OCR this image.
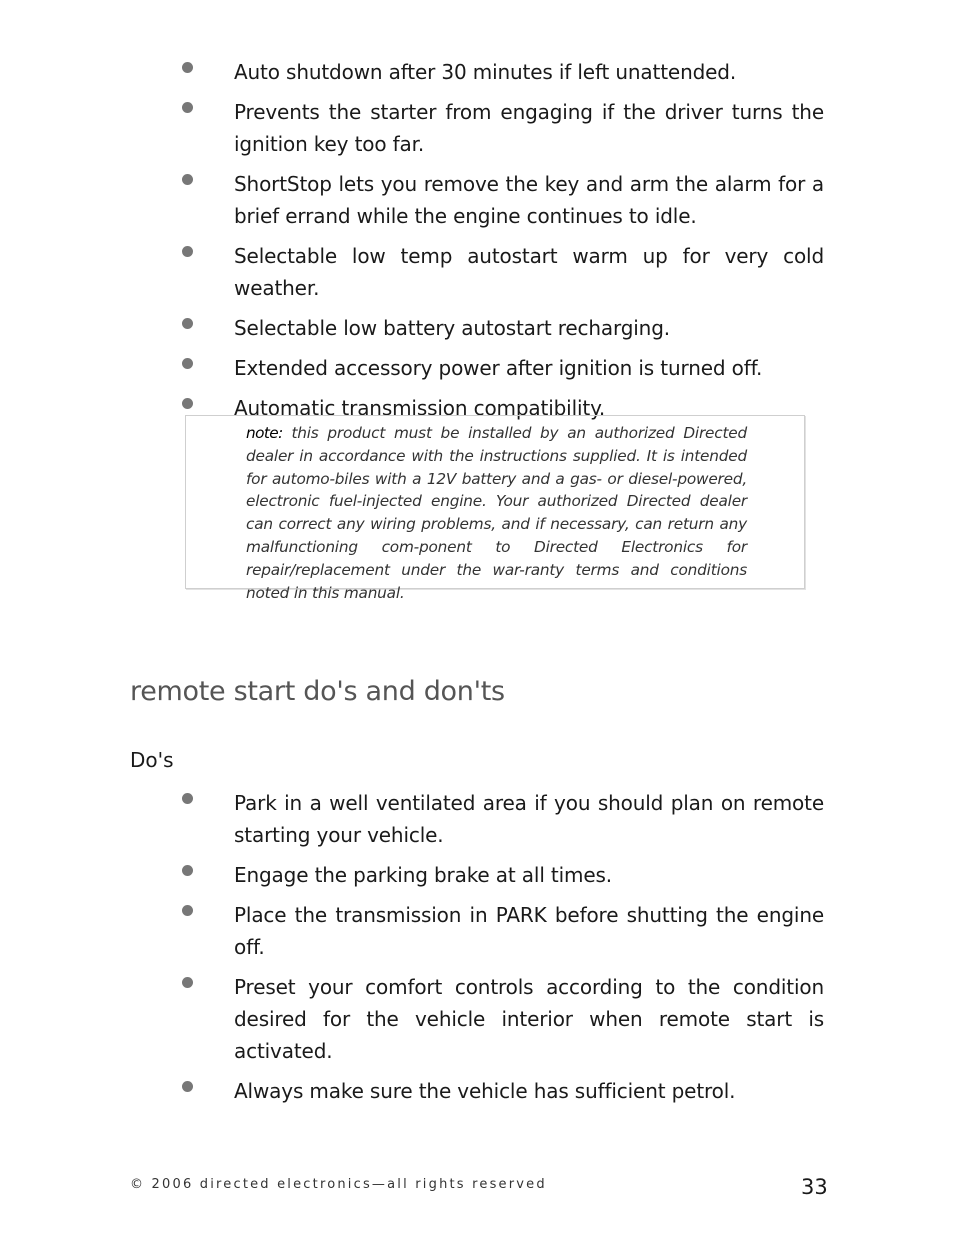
Auto shutdown after 30 minutes if left unattended.
Prevents the starter from engaging if the driver turns the ignition key too far.
ShortStop lets you remove the key and arm the alarm for a brief errand while the engine continues to idle.
Selectable low temp autostart warm up for very cold weather.
Selectable low battery autostart recharging.
Extended accessory power after ignition is turned off.
Automatic transmission compatibility.

note: this product must be installed by an authorized Directed dealer in accordance with the instructions supplied. It is intended for automo-biles with a 12V battery and a gas- or diesel-powered, electronic fuel-injected engine. Your authorized Directed dealer can correct any wiring problems, and if necessary, can return any malfunctioning com-ponent to Directed Electronics for repair/replacement under the war-ranty terms and conditions noted in this manual.

remote start do's and don'ts
Do's
Park in a well ventilated area if you should plan on remote starting your vehicle.
Engage the parking brake at all times.
Place the transmission in PARK before shutting the engine off.
Preset your comfort controls according to the condition desired for the vehicle interior when remote start is activated.
Always make sure the vehicle has sufficient petrol.
© 2006 directed electronics—all rights reserved	33
